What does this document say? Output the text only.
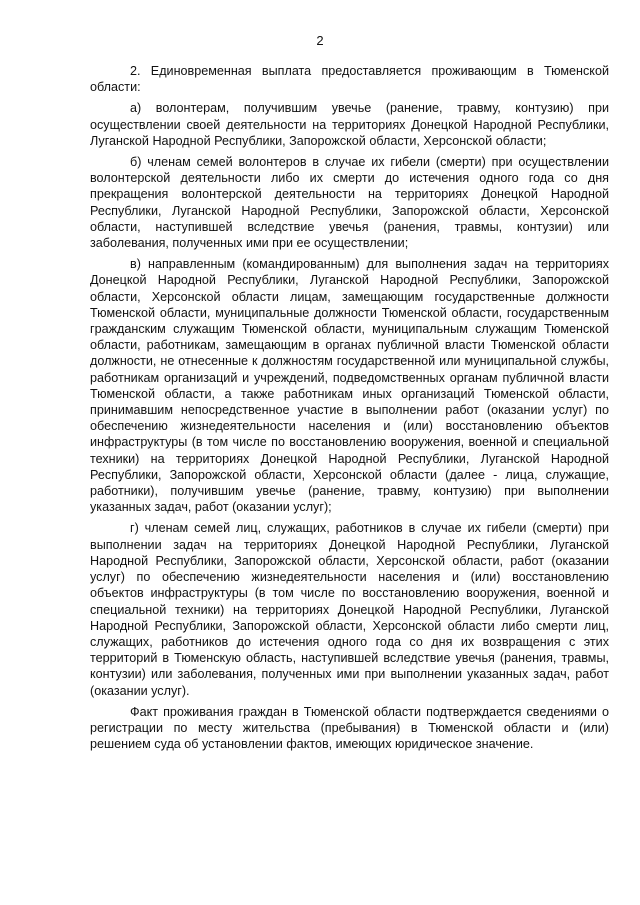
2

2. Единовременная выплата предоставляется проживающим в Тюменской области:

а) волонтерам, получившим увечье (ранение, травму, контузию) при осуществлении своей деятельности на территориях Донецкой Народной Республики, Луганской Народной Республики, Запорожской области, Херсонской области;

б) членам семей волонтеров в случае их гибели (смерти) при осуществлении волонтерской деятельности либо их смерти до истечения одного года со дня прекращения волонтерской деятельности на территориях Донецкой Народной Республики, Луганской Народной Республики, Запорожской области, Херсонской области, наступившей вследствие увечья (ранения, травмы, контузии) или заболевания, полученных ими при ее осуществлении;

в) направленным (командированным) для выполнения задач на территориях Донецкой Народной Республики, Луганской Народной Республики, Запорожской области, Херсонской области лицам, замещающим государственные должности Тюменской области, муниципальные должности Тюменской области, государственным гражданским служащим Тюменской области, муниципальным служащим Тюменской области, работникам, замещающим в органах публичной власти Тюменской области должности, не отнесенные к должностям государственной или муниципальной службы, работникам организаций и учреждений, подведомственных органам публичной власти Тюменской области, а также работникам иных организаций Тюменской области, принимавшим непосредственное участие в выполнении работ (оказании услуг) по обеспечению жизнедеятельности населения и (или) восстановлению объектов инфраструктуры (в том числе по восстановлению вооружения, военной и специальной техники) на территориях Донецкой Народной Республики, Луганской Народной Республики, Запорожской области, Херсонской области (далее - лица, служащие, работники), получившим увечье (ранение, травму, контузию) при выполнении указанных задач, работ (оказании услуг);

г) членам семей лиц, служащих, работников в случае их гибели (смерти) при выполнении задач на территориях Донецкой Народной Республики, Луганской Народной Республики, Запорожской области, Херсонской области, работ (оказании услуг) по обеспечению жизнедеятельности населения и (или) восстановлению объектов инфраструктуры (в том числе по восстановлению вооружения, военной и специальной техники) на территориях Донецкой Народной Республики, Луганской Народной Республики, Запорожской области, Херсонской области либо смерти лиц, служащих, работников до истечения одного года со дня их возвращения с этих территорий в Тюменскую область, наступившей вследствие увечья (ранения, травмы, контузии) или заболевания, полученных ими при выполнении указанных задач, работ (оказании услуг).

Факт проживания граждан в Тюменской области подтверждается сведениями о регистрации по месту жительства (пребывания) в Тюменской области и (или) решением суда об установлении фактов, имеющих юридическое значение.
